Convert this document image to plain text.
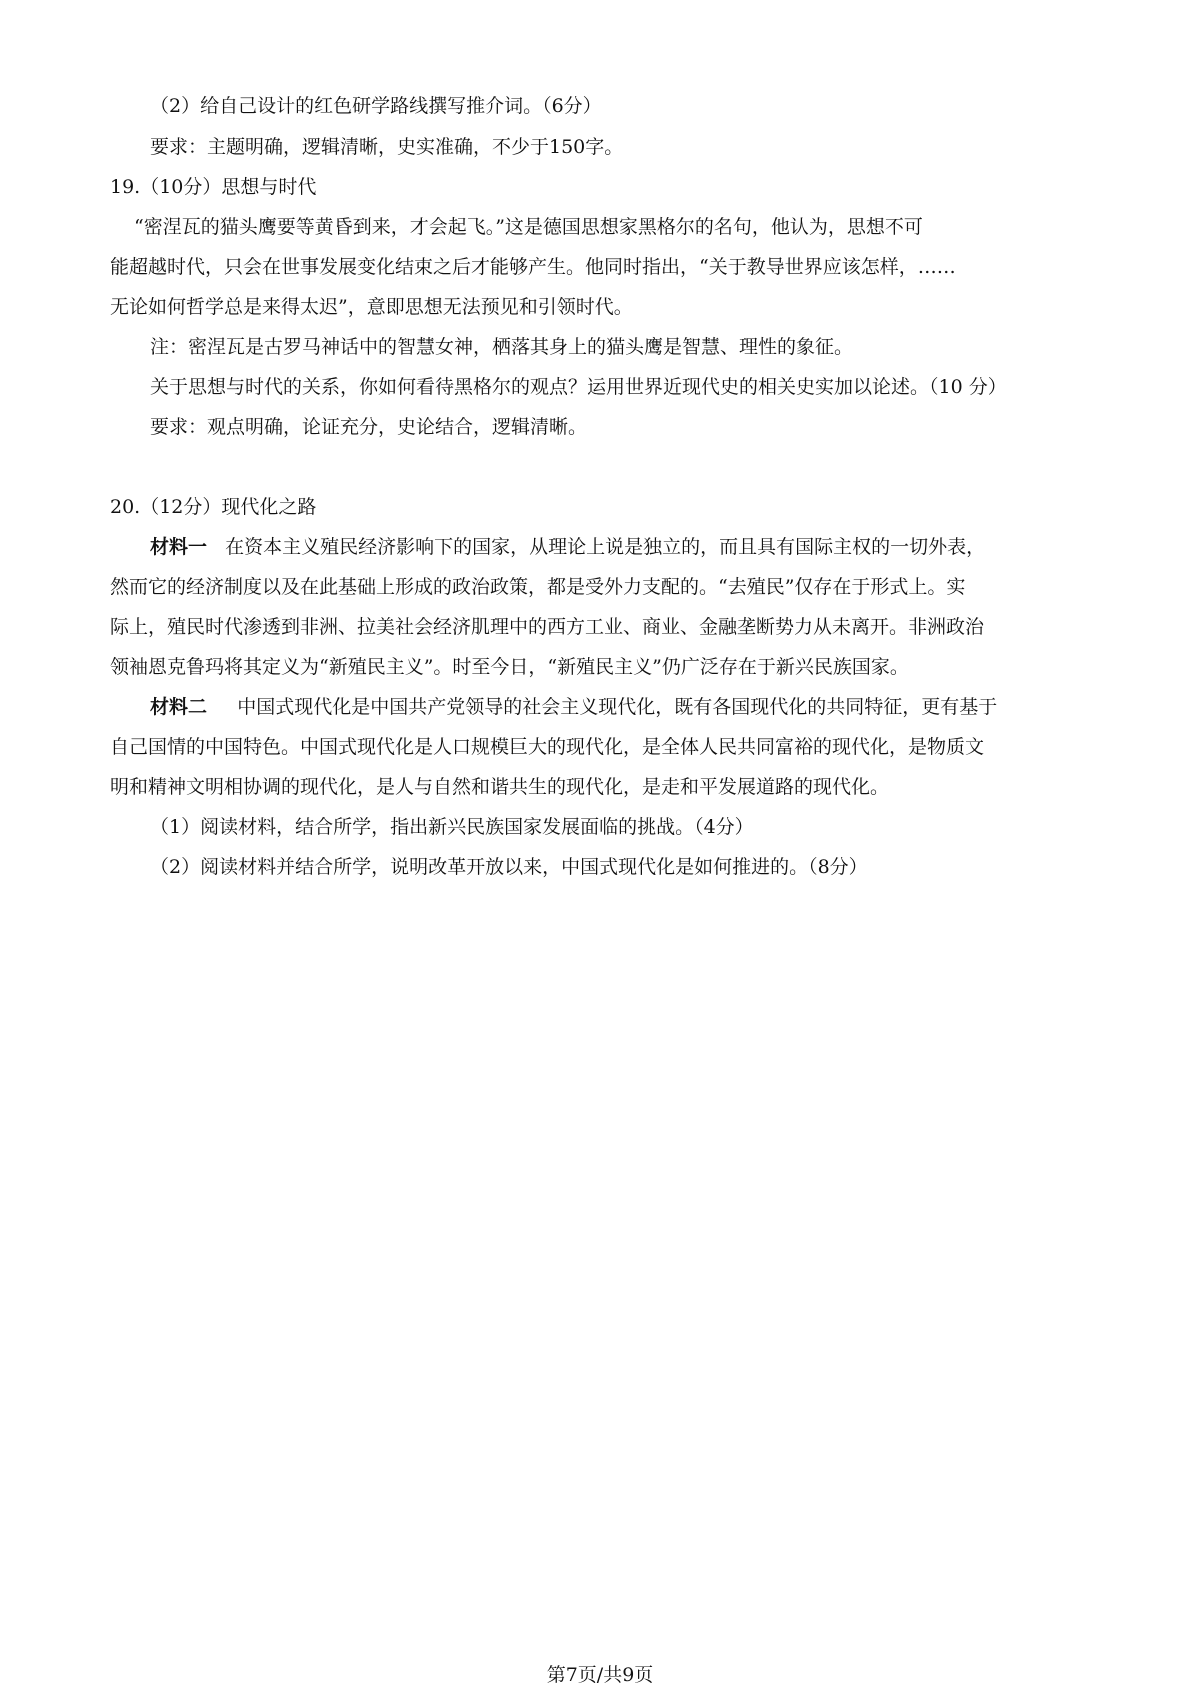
（2）给自己设计的红色研学路线撰写推介词。（6分）
要求：主题明确，逻辑清晰，史实准确，不少于150字。
19.（10分）思想与时代
“密涅瓦的猫头鹰要等黄昏到来，才会起飞。”这是德国思想家黑格尔的名句，他认为，思想不可
能超越时代，只会在世事发展变化结束之后才能够产生。他同时指出，“关于教导世界应该怎样，……
无论如何哲学总是来得太迟”，意即思想无法预见和引领时代。
注：密涅瓦是古罗马神话中的智慧女神，栖落其身上的猫头鹰是智慧、理性的象征。
关于思想与时代的关系，你如何看待黑格尔的观点？运用世界近现代史的相关史实加以论述。（10 分）
要求：观点明确，论证充分，史论结合，逻辑清晰。
20.（12分）现代化之路
材料一 在资本主义殖民经济影响下的国家，从理论上说是独立的，而且具有国际主权的一切外表，
然而它的经济制度以及在此基础上形成的政治政策，都是受外力支配的。“去殖民”仅存在于形式上。实
际上，殖民时代渗透到非洲、拉美社会经济肌理中的西方工业、商业、金融垄断势力从未离开。非洲政治
领袖恩克鲁玛将其定义为“新殖民主义”。时至今日，“新殖民主义”仍广泛存在于新兴民族国家。
材料二 中国式现代化是中国共产党领导的社会主义现代化，既有各国现代化的共同特征，更有基于
自己国情的中国特色。中国式现代化是人口规模巨大的现代化，是全体人民共同富裕的现代化，是物质文
明和精神文明相协调的现代化，是人与自然和谐共生的现代化，是走和平发展道路的现代化。
（1）阅读材料，结合所学，指出新兴民族国家发展面临的挑战。（4分）
（2）阅读材料并结合所学，说明改革开放以来，中国式现代化是如何推进的。（8分）
第7页/共9页
